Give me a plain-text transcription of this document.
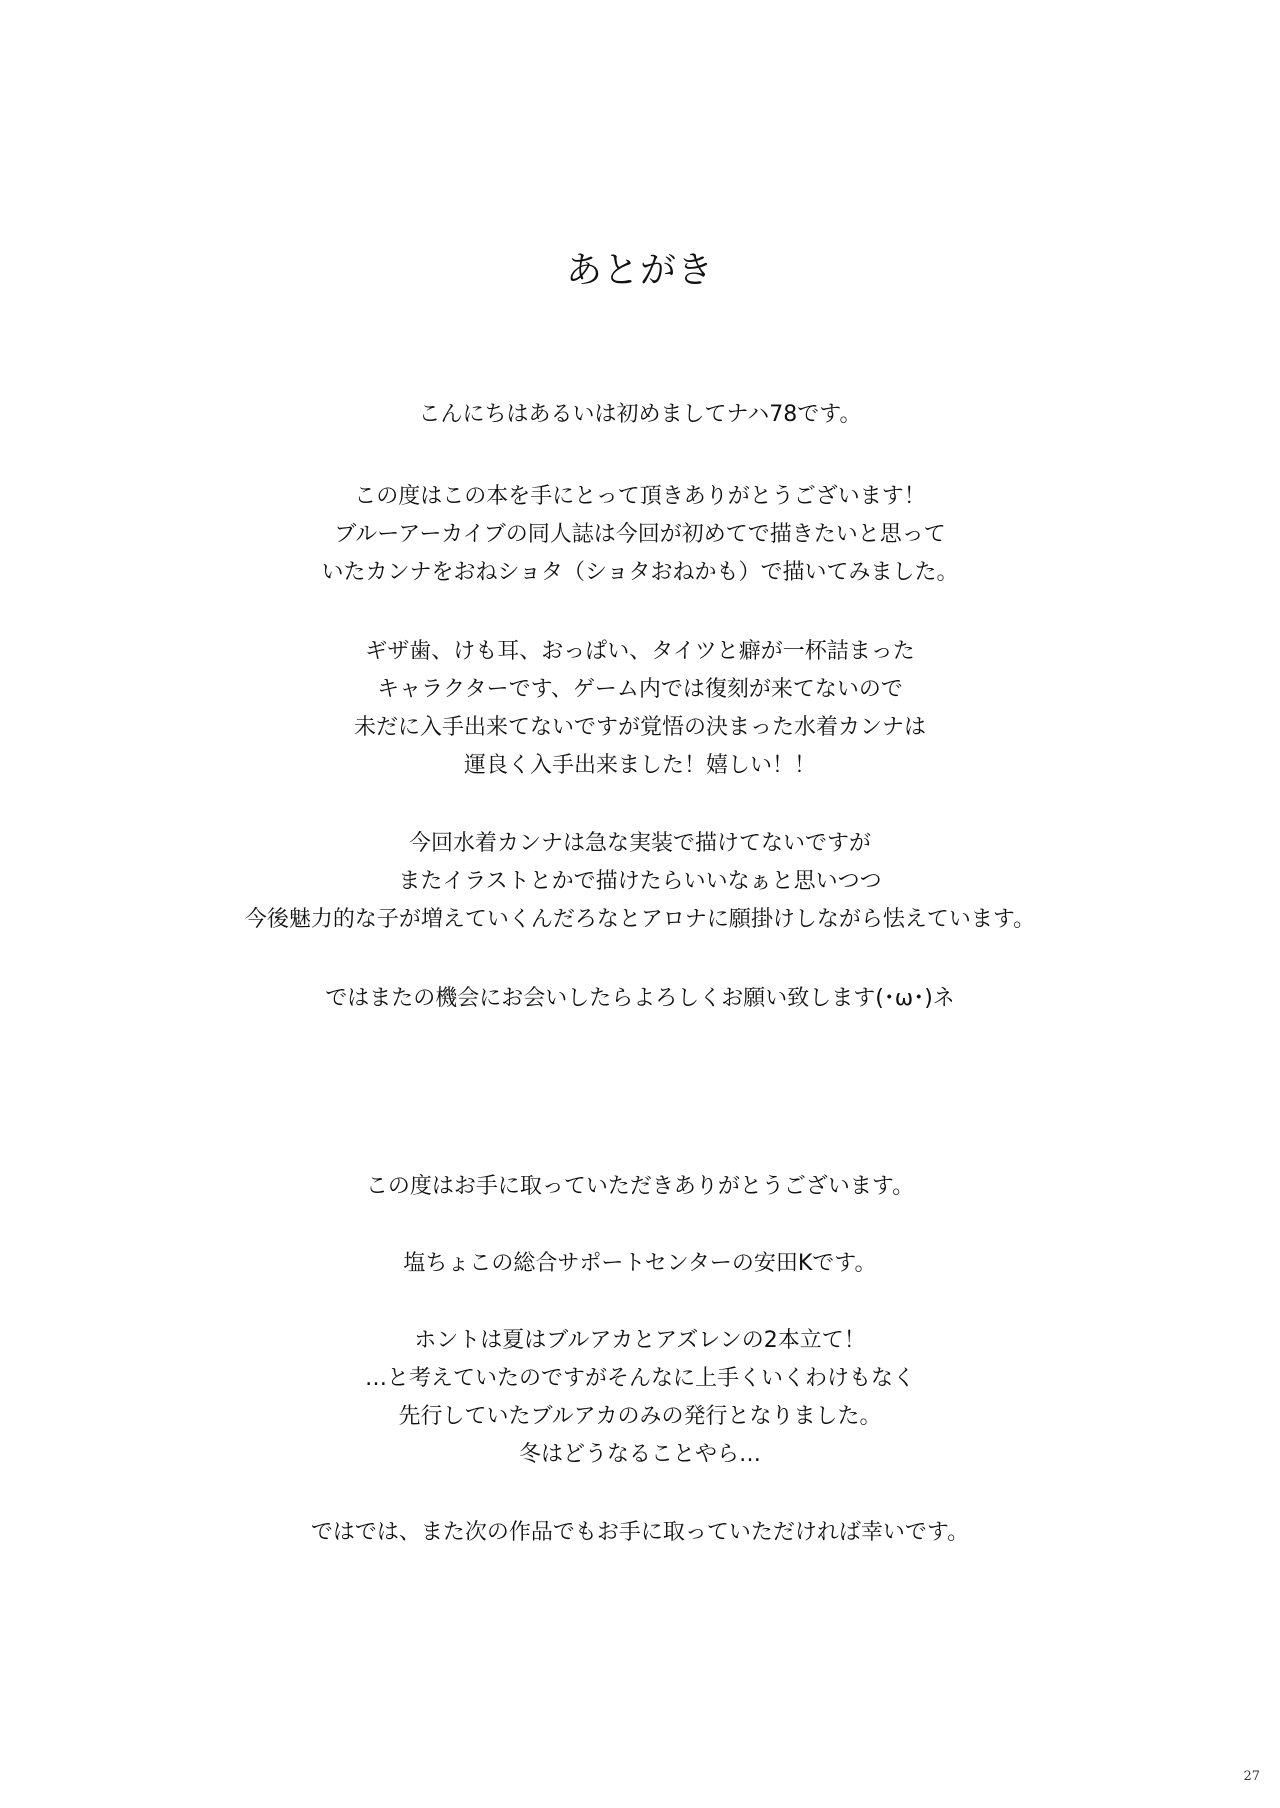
あとがき
こんにちはあるいは初めましてナハ78です。
この度はこの本を手にとって頂きありがとうございます！
ブルーアーカイブの同人誌は今回が初めてで描きたいと思って
いたカンナをおねショタ（ショタおねかも）で描いてみました。
ギザ歯、けも耳、おっぱい、タイツと癖が一杯詰まった
キャラクターです、ゲーム内では復刻が来てないので
未だに入手出来てないですが覚悟の決まった水着カンナは
運良く入手出来ました！嬉しい！！
今回水着カンナは急な実装で描けてないですが
またイラストとかで描けたらいいなぁと思いつつ
今後魅力的な子が増えていくんだろなとアロナに願掛けしながら怯えています。
ではまたの機会にお会いしたらよろしくお願い致します(･ω･)ネ
この度はお手に取っていただきありがとうございます。
塩ちょこの総合サポートセンターの安田Kです。
ホントは夏はブルアカとアズレンの2本立て！
…と考えていたのですがそんなに上手くいくわけもなく
先行していたブルアカのみの発行となりました。
冬はどうなることやら…
ではでは、また次の作品でもお手に取っていただければ幸いです。
27
